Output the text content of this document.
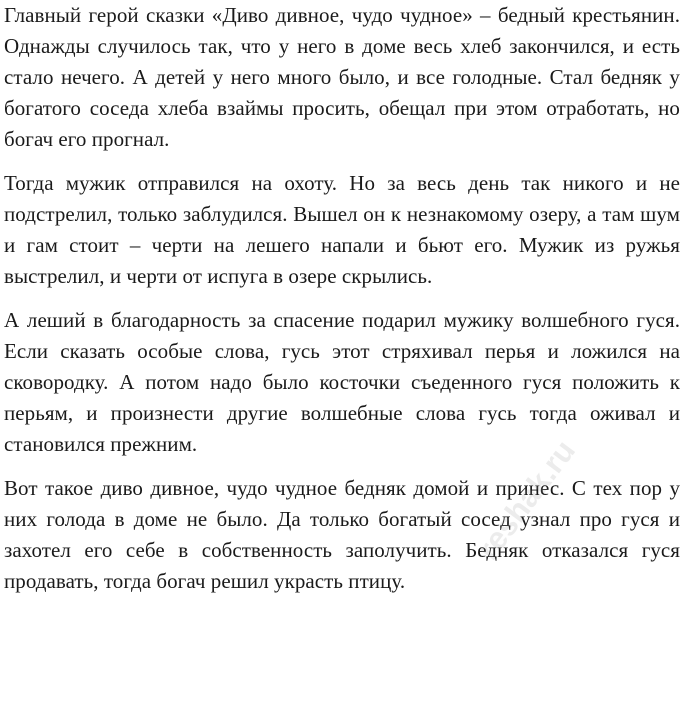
Главный герой сказки «Диво дивное, чудо чудное» – бедный крестьянин. Однажды случилось так, что у него в доме весь хлеб закончился, и есть стало нечего. А детей у него много было, и все голодные. Стал бедняк у богатого соседа хлеба взаймы просить, обещал при этом отработать, но богач его прогнал.

Тогда мужик отправился на охоту. Но за весь день так никого и не подстрелил, только заблудился. Вышел он к незнакомому озеру, а там шум и гам стоит – черти на лешего напали и бьют его. Мужик из ружья выстрелил, и черти от испуга в озере скрылись.

А леший в благодарность за спасение подарил мужику волшебного гуся. Если сказать особые слова, гусь этот стряхивал перья и ложился на сковородку. А потом надо было косточки съеденного гуся положить к перьям, и произнести другие волшебные слова гусь тогда оживал и становился прежним.

Вот такое диво дивное, чудо чудное бедняк домой и принес. С тех пор у них голода в доме не было. Да только богатый сосед узнал про гуся и захотел его себе в собственность заполучить. Бедняк отказался гуся продавать, тогда богач решил украсть птицу.

reshak.ru
